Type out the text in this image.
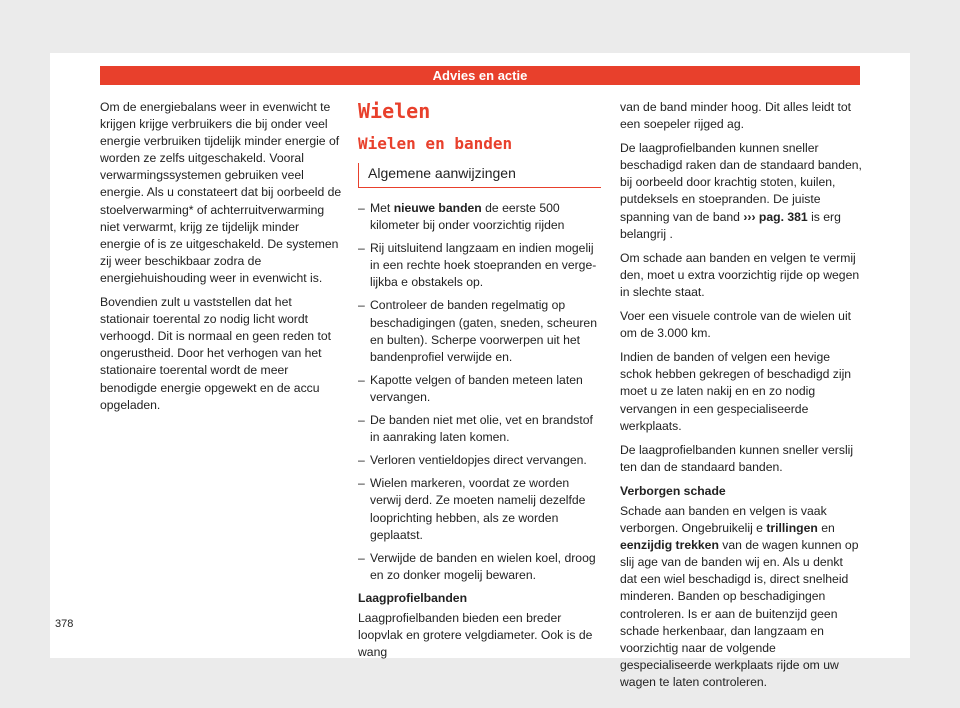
Advies en actie

Om de energiebalans weer in evenwicht te krijgen krijge verbruikers die bij onder veel energie verbruiken tijdelijk minder energie of worden ze zelfs uitgeschakeld. Vooral verwarmingssystemen gebruiken veel energie. Als u constateert dat bij oorbeeld de stoelverwarming* of achterruitverwarming niet verwarmt, krijg ze tijdelijk minder energie of is ze uitgeschakeld. De systemen zij weer beschikbaar zodra de energiehuishouding weer in evenwicht is.

Bovendien zult u vaststellen dat het stationair toerental zo nodig licht wordt verhoogd. Dit is normaal en geen reden tot ongerustheid. Door het verhogen van het stationaire toerental wordt de meer benodigde energie opgewekt en de accu opgeladen.

Wielen
Wielen en banden
Algemene aanwijzingen
– Met nieuwe banden de eerste 500 kilometer bij onder voorzichtig rijden
– Rij uitsluitend langzaam en indien mogelij in een rechte hoek stoepranden en verge- lijkba e obstakels op.
– Controleer de banden regelmatig op beschadigingen (gaten, sneden, scheuren en bulten). Scherpe voorwerpen uit het bandenprofiel verwijde en.
– Kapotte velgen of banden meteen laten vervangen.
– De banden niet met olie, vet en brandstof in aanraking laten komen.
– Verloren ventieldopjes direct vervangen.
– Wielen markeren, voordat ze worden verwij derd. Ze moeten namelij dezelfde looprichting hebben, als ze worden geplaatst.
– Verwijde de banden en wielen koel, droog en zo donker mogelij bewaren.
Laagprofielbanden

Laagprofielbanden bieden een breder loopvlak en grotere velgdiameter. Ook is de wang

van de band minder hoog. Dit alles leidt tot een soepeler rijged ag.

De laagprofielbanden kunnen sneller beschadigd raken dan de standaard banden, bij oorbeeld door krachtig stoten, kuilen, putdeksels en stoepranden. De juiste spanning van de band ››› pag. 381 is erg belangrij .

Om schade aan banden en velgen te vermij den, moet u extra voorzichtig rijde op wegen in slechte staat.

Voer een visuele controle van de wielen uit om de 3.000 km.

Indien de banden of velgen een hevige schok hebben gekregen of beschadigd zijn moet u ze laten nakij en en zo nodig vervangen in een gespecialiseerde werkplaats.

De laagprofielbanden kunnen sneller verslij ten dan de standaard banden.

Verborgen schade

Schade aan banden en velgen is vaak verborgen. Ongebruikelij e trillingen en eenzijdig trekken van de wagen kunnen op slij age van de banden wij en. Als u denkt dat een wiel beschadigd is, direct snelheid minderen. Banden op beschadigingen controleren. Is er aan de buitenzijd geen schade herkenbaar, dan langzaam en voorzichtig naar de volgende gespecialiseerde werkplaats rijde om uw wagen te laten controleren.

378
